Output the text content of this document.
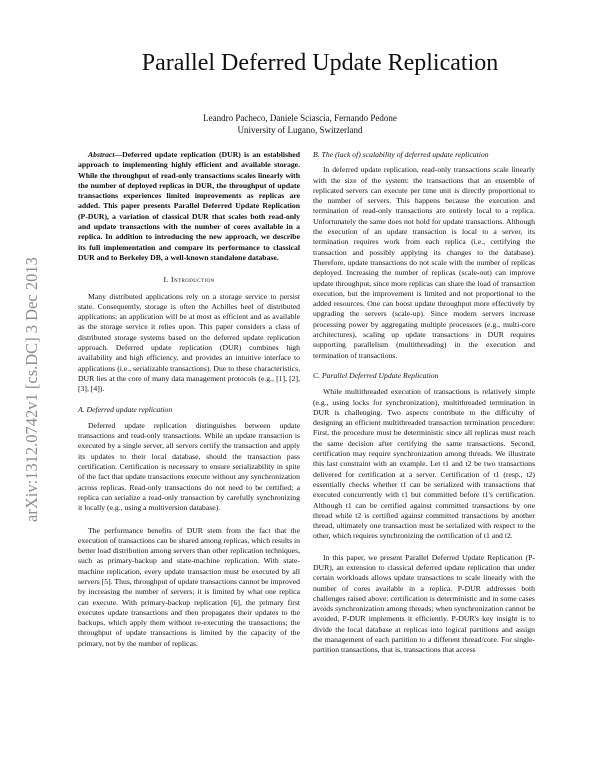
arXiv:1312.0742v1 [cs.DC] 3 Dec 2013
Parallel Deferred Update Replication
Leandro Pacheco, Daniele Sciascia, Fernando Pedone
University of Lugano, Switzerland

Abstract—Deferred update replication (DUR) is an established approach to implementing highly efficient and available storage. While the throughput of read-only transactions scales linearly with the number of deployed replicas in DUR, the throughput of update transactions experiences limited improvements as replicas are added. This paper presents Parallel Deferred Update Replication (P-DUR), a variation of classical DUR that scales both read-only and update transactions with the number of cores available in a replica. In addition to introducing the new approach, we describe its full implementation and compare its performance to classical DUR and to Berkeley DB, a well-known standalone database.

I. Introduction

Many distributed applications rely on a storage service to persist state. Consequently, storage is often the Achilles heel of distributed applications: an application will be at most as efficient and as available as the storage service it relies upon. This paper considers a class of distributed storage systems based on the deferred update replication approach. Deferred update replication (DUR) combines high availability and high efficiency, and provides an intuitive interface to applications (i.e., serializable transactions). Due to these characteristics, DUR lies at the core of many data management protocols (e.g., [1], [2], [3], [4]).

A. Deferred update replication

Deferred update replication distinguishes between update transactions and read-only transactions. While an update transaction is executed by a single server, all servers certify the transaction and apply its updates to their local database, should the transaction pass certification. Certification is necessary to ensure serializability in spite of the fact that update transactions execute without any synchronization across replicas. Read-only transactions do not need to be certified; a replica can serialize a read-only transaction by carefully synchronizing it locally (e.g., using a multiversion database).

The performance benefits of DUR stem from the fact that the execution of transactions can be shared among replicas, which results in better load distribution among servers than other replication techniques, such as primary-backup and state-machine replication. With state-machine replication, every update transaction must be executed by all servers [5]. Thus, throughput of update transactions cannot be improved by increasing the number of servers; it is limited by what one replica can execute. With primary-backup replication [6], the primary first executes update transactions and then propagates their updates to the backups, which apply them without re-executing the transactions; the throughput of update transactions is limited by the capacity of the primary, not by the number of replicas.

B. The (lack of) scalability of deferred update replication

In deferred update replication, read-only transactions scale linearly with the size of the system: the transactions that an ensemble of replicated servers can execute per time unit is directly proportional to the number of servers. This happens because the execution and termination of read-only transactions are entirely local to a replica. Unfortunately the same does not hold for update transactions. Although the execution of an update transaction is local to a server, its termination requires work from each replica (i.e., certifying the transaction and possibly applying its changes to the database). Therefore, update transactions do not scale with the number of replicas deployed. Increasing the number of replicas (scale-out) can improve update throughput, since more replicas can share the load of transaction execution, but the improvement is limited and not proportional to the added resources. One can boost update throughput more effectively by upgrading the servers (scale-up). Since modern servers increase processing power by aggregating multiple processors (e.g., multi-core architectures), scaling up update transactions in DUR requires supporting parallelism (multithreading) in the execution and termination of transactions.

C. Parallel Deferred Update Replication

While multithreaded execution of transactions is relatively simple (e.g., using locks for synchronization), multithreaded termination in DUR is challenging. Two aspects contribute to the difficulty of designing an efficient multithreaded transaction termination procedure: First, the procedure must be deterministic since all replicas must reach the same decision after certifying the same transactions. Second, certification may require synchronization among threads. We illustrate this last constraint with an example. Let t1 and t2 be two transactions delivered for certification at a server. Certification of t1 (resp., t2) essentially checks whether t1 can be serialized with transactions that executed concurrently with t1 but committed before t1's certification. Although t1 can be certified against committed transactions by one thread while t2 is certified against committed transactions by another thread, ultimately one transaction must be serialized with respect to the other, which requires synchronizing the certification of t1 and t2.

In this paper, we present Parallel Deferred Update Replication (P-DUR), an extension to classical deferred update replication that under certain workloads allows update transactions to scale linearly with the number of cores available in a replica. P-DUR addresses both challenges raised above: certification is deterministic and in some cases avoids synchronization among threads; when synchronization cannot be avoided, P-DUR implements it efficiently. P-DUR's key insight is to divide the local database at replicas into logical partitions and assign the management of each partition to a different thread/core. For single-partition transactions, that is, transactions that access
